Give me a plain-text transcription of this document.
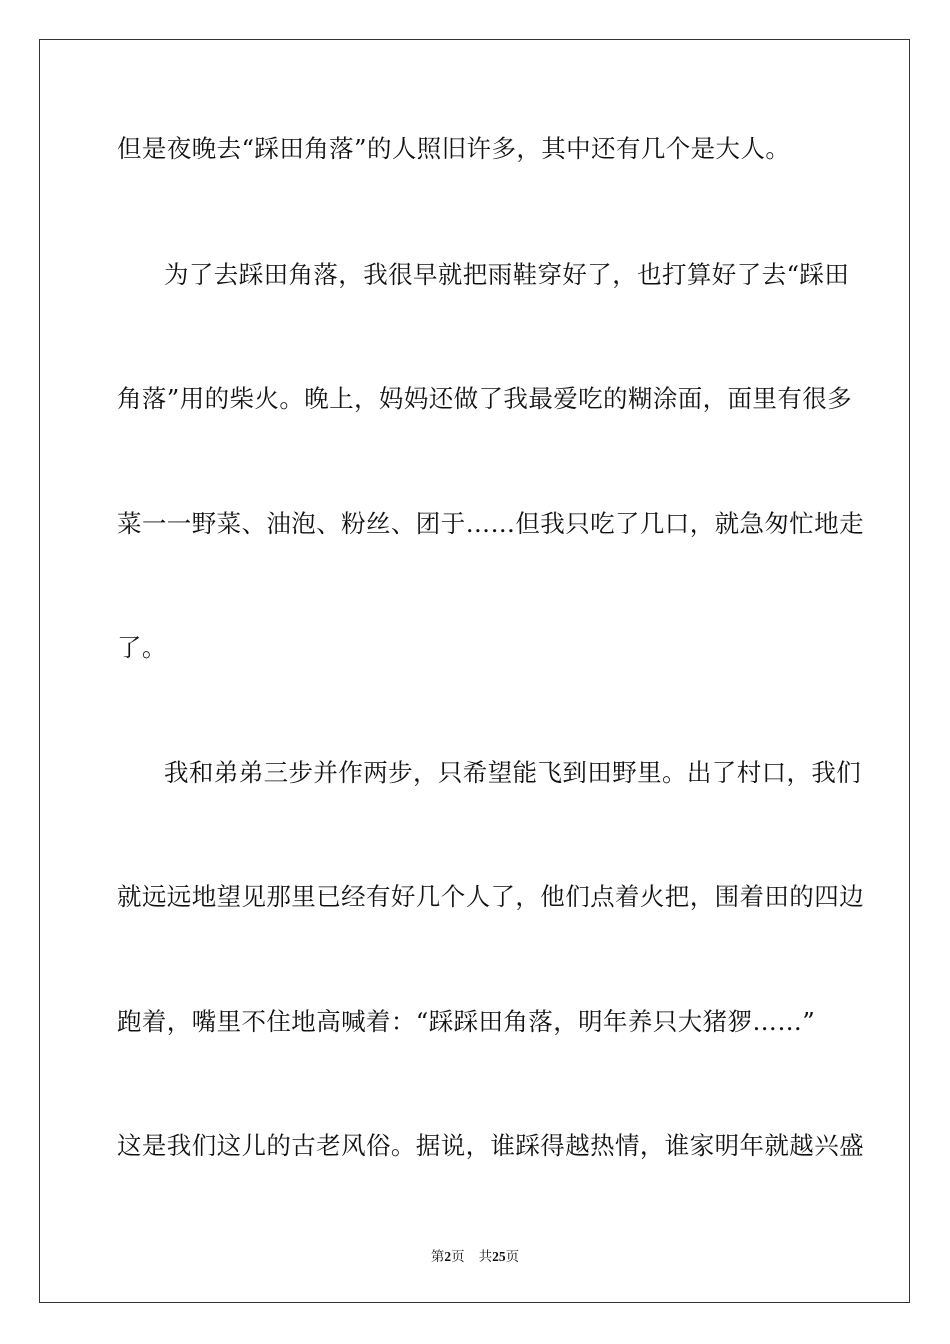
但是夜晚去“踩田角落”的人照旧许多，其中还有几个是大人。
为了去踩田角落，我很早就把雨鞋穿好了，也打算好了去“踩田
角落”用的柴火。晚上，妈妈还做了我最爱吃的糊涂面，面里有很多
菜一一野菜、油泡、粉丝、团于……但我只吃了几口，就急匆忙地走
了。
我和弟弟三步并作两步，只希望能飞到田野里。出了村口，我们
就远远地望见那里已经有好几个人了，他们点着火把，围着田的四边
跑着，嘴里不住地高喊着：“踩踩田角落，明年养只大猪猡……”
这是我们这儿的古老风俗。据说，谁踩得越热情，谁家明年就越兴盛
第2页 共25页
